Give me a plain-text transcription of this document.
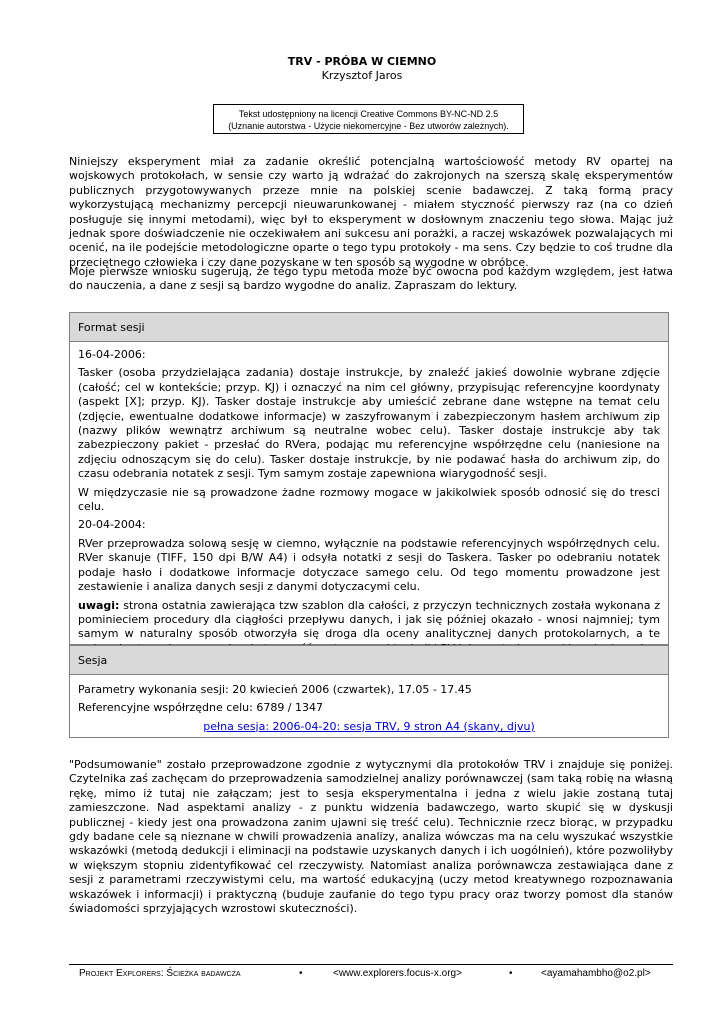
TRV - PRÓBA W CIEMNO
Krzysztof Jaros
Tekst udostępniony na licencji Creative Commons BY-NC-ND 2.5
(Uznanie autorstwa - Użycie niekomercyjne - Bez utworów zależnych).
Niniejszy eksperyment miał za zadanie określić potencjalną wartościowość metody RV opartej na wojskowych protokołach, w sensie czy warto ją wdrażać do zakrojonych na szerszą skalę eksperymentów publicznych przygotowywanych przeze mnie na polskiej scenie badawczej. Z taką formą pracy wykorzystującą mechanizmy percepcji nieuwarunkowanej - miałem styczność pierwszy raz (na co dzień posługuje się innymi metodami), więc był to eksperyment w dosłownym znaczeniu tego słowa. Mając już jednak spore doświadczenie nie oczekiwałem ani sukcesu ani porażki, a raczej wskazówek pozwalających mi ocenić, na ile podejście metodologiczne oparte o tego typu protokoły - ma sens. Czy będzie to coś trudne dla przeciętnego człowieka i czy dane pozyskane w ten sposób są wygodne w obróbce.
Moje pierwsze wniosku sugerują, że tego typu metoda może być owocna pod każdym względem, jest łatwa do nauczenia, a dane z sesji są bardzo wygodne do analiz. Zapraszam do lektury.
Format sesji

16-04-2006:

Tasker (osoba przydzielająca zadania) dostaje instrukcje, by znaleźć jakieś dowolnie wybrane zdjęcie (całość; cel w kontekście; przyp. KJ) i oznaczyć na nim cel główny, przypisując referencyjne koordynaty (aspekt [X]; przyp. KJ). Tasker dostaje instrukcje aby umieścić zebrane dane wstępne na temat celu (zdjęcie, ewentualne dodatkowe informacje) w zaszyfrowanym i zabezpieczonym hasłem archiwum zip (nazwy plików wewnątrz archiwum są neutralne wobec celu). Tasker dostaje instrukcje aby tak zabezpieczony pakiet - przesłać do RVera, podając mu referencyjne współrzędne celu (naniesione na zdjęciu odnoszącym się do celu). Tasker dostaje instrukcje, by nie podawać hasła do archiwum zip, do czasu odebrania notatek z sesji. Tym samym zostaje zapewniona wiarygodność sesji.

W międzyczasie nie są prowadzone żadne rozmowy mogace w jakikolwiek sposób odnosić się do tresci celu.

20-04-2004:

RVer przeprowadza solową sesję w ciemno, wyłącznie na podstawie referencyjnych współrzędnych celu. RVer skanuje (TIFF, 150 dpi B/W A4) i odsyła notatki z sesji do Taskera. Tasker po odebraniu notatek podaje hasło i dodatkowe informacje dotyczace samego celu. Od tego momentu prowadzone jest zestawienie i analiza danych sesji z danymi dotyczacymi celu.

uwagi: strona ostatnia zawierająca tzw szablon dla całości, z przyczyn technicznych została wykonana z pominieciem procedury dla ciągłości przepływu danych, i jak się później okazało - wnosi najmniej; tym samym w naturalny sposób otworzyła się droga dla oceny analitycznej danych protokolarnych, a te

Sesja

Parametry wykonania sesji: 20 kwiecień 2006 (czwartek), 17.05 - 17.45

Referencyjne współrzędne celu: 6789 / 1347

pełna sesja: 2006-04-20: sesja TRV, 9 stron A4 (skany, djvu)
"Podsumowanie" zostało przeprowadzone zgodnie z wytycznymi dla protokołów TRV i znajduje się poniżej. Czytelnika zaś zachęcam do przeprowadzenia samodzielnej analizy porównawczej (sam taką robię na własną rękę, mimo iż tutaj nie załączam; jest to sesja eksperymentalna i jedna z wielu jakie zostaną tutaj zamieszczone. Nad aspektami analizy - z punktu widzenia badawczego, warto skupić się w dyskusji publicznej - kiedy jest ona prowadzona zanim ujawni się treść celu). Technicznie rzecz biorąc, w przypadku gdy badane cele są nieznane w chwili prowadzenia analizy, analiza wówczas ma na celu wyszukać wszystkie wskazówki (metodą dedukcji i eliminacji na podstawie uzyskanych danych i ich uogólnień), które pozwoliłyby w większym stopniu zidentyfikować cel rzeczywisty. Natomiast analiza porównawcza zestawiająca dane z sesji z parametrami rzeczywistymi celu, ma wartość edukacyjną (uczy metod kreatywnego rozpoznawania wskazówek i informacji) i praktyczną (buduje zaufanie do tego typu pracy oraz tworzy pomost dla stanów świadomości sprzyjających wzrostowi skuteczności).
Projekt Explorers: Ścieżka badawcza	•	<www.explorers.focus-x.org>	•	<ayamahambho@o2.pl>
